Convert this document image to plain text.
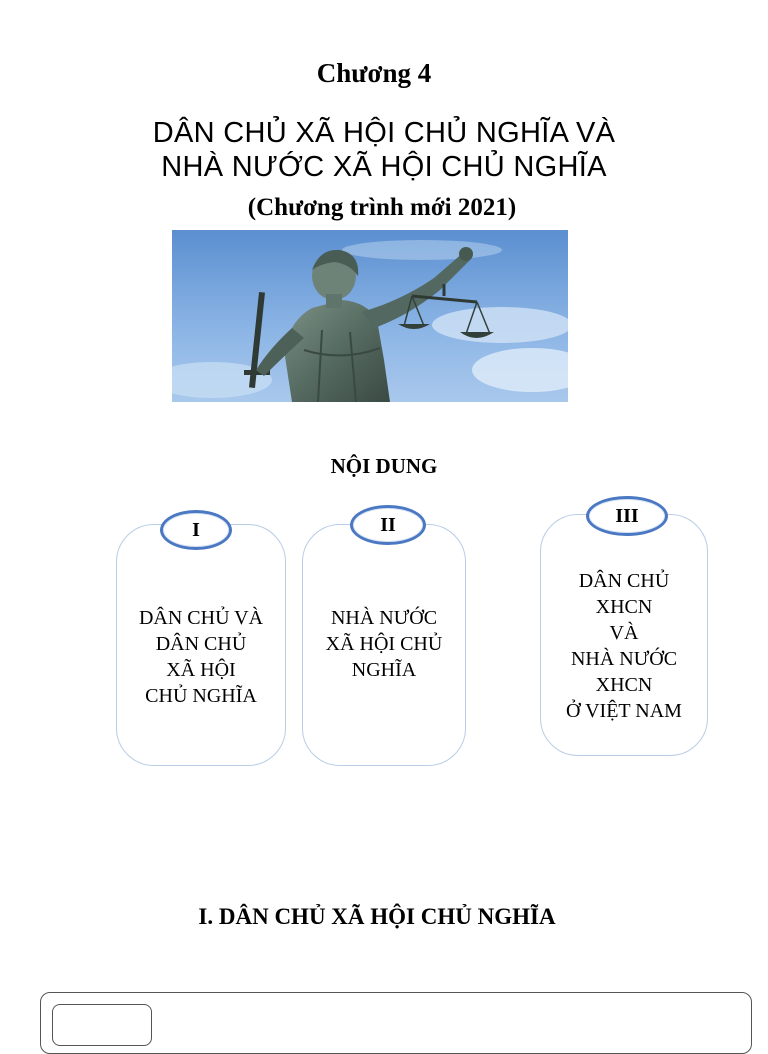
Chương 4
DÂN CHỦ XÃ HỘI CHỦ NGHĨA VÀ
NHÀ NƯỚC XÃ HỘI CHỦ NGHĨA
(Chương trình mới 2021)
NỘI DUNG
DÂN CHỦ VÀ
DÂN CHỦ
XÃ HỘI
CHỦ NGHĨA
I
NHÀ NƯỚC
XÃ HỘI CHỦ
NGHĨA
II
DÂN CHỦ
XHCN
VÀ
NHÀ NƯỚC
XHCN
Ở VIỆT NAM
III
I. DÂN CHỦ XÃ HỘI CHỦ NGHĨA
